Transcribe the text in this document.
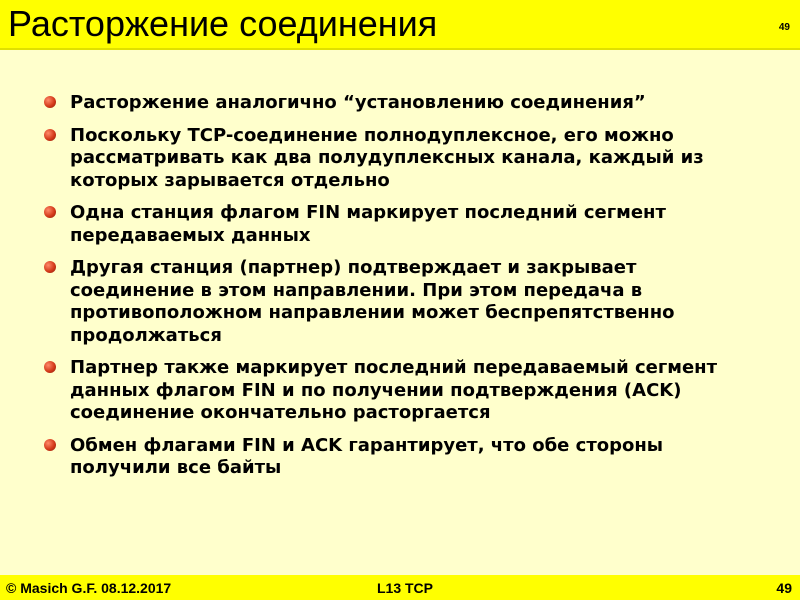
Расторжение соединения	49
Расторжение аналогично “установлению соединения”
Поскольку TCP-соединение полнодуплексное, его можно рассматривать как два полудуплексных канала, каждый из которых зарывается отдельно
Одна станция флагом FIN маркирует последний сегмент передаваемых данных
Другая станция (партнер) подтверждает и закрывает соединение в этом направлении. При этом передача в противоположном направлении может беспрепятственно продолжаться
Партнер также маркирует последний передаваемый сегмент данных флагом FIN и по получении подтверждения (ACK) соединение окончательно расторгается
Обмен флагами FIN и ACK гарантирует, что обе стороны получили все байты
© Masich G.F. 08.12.2017	L13 TCP	49
